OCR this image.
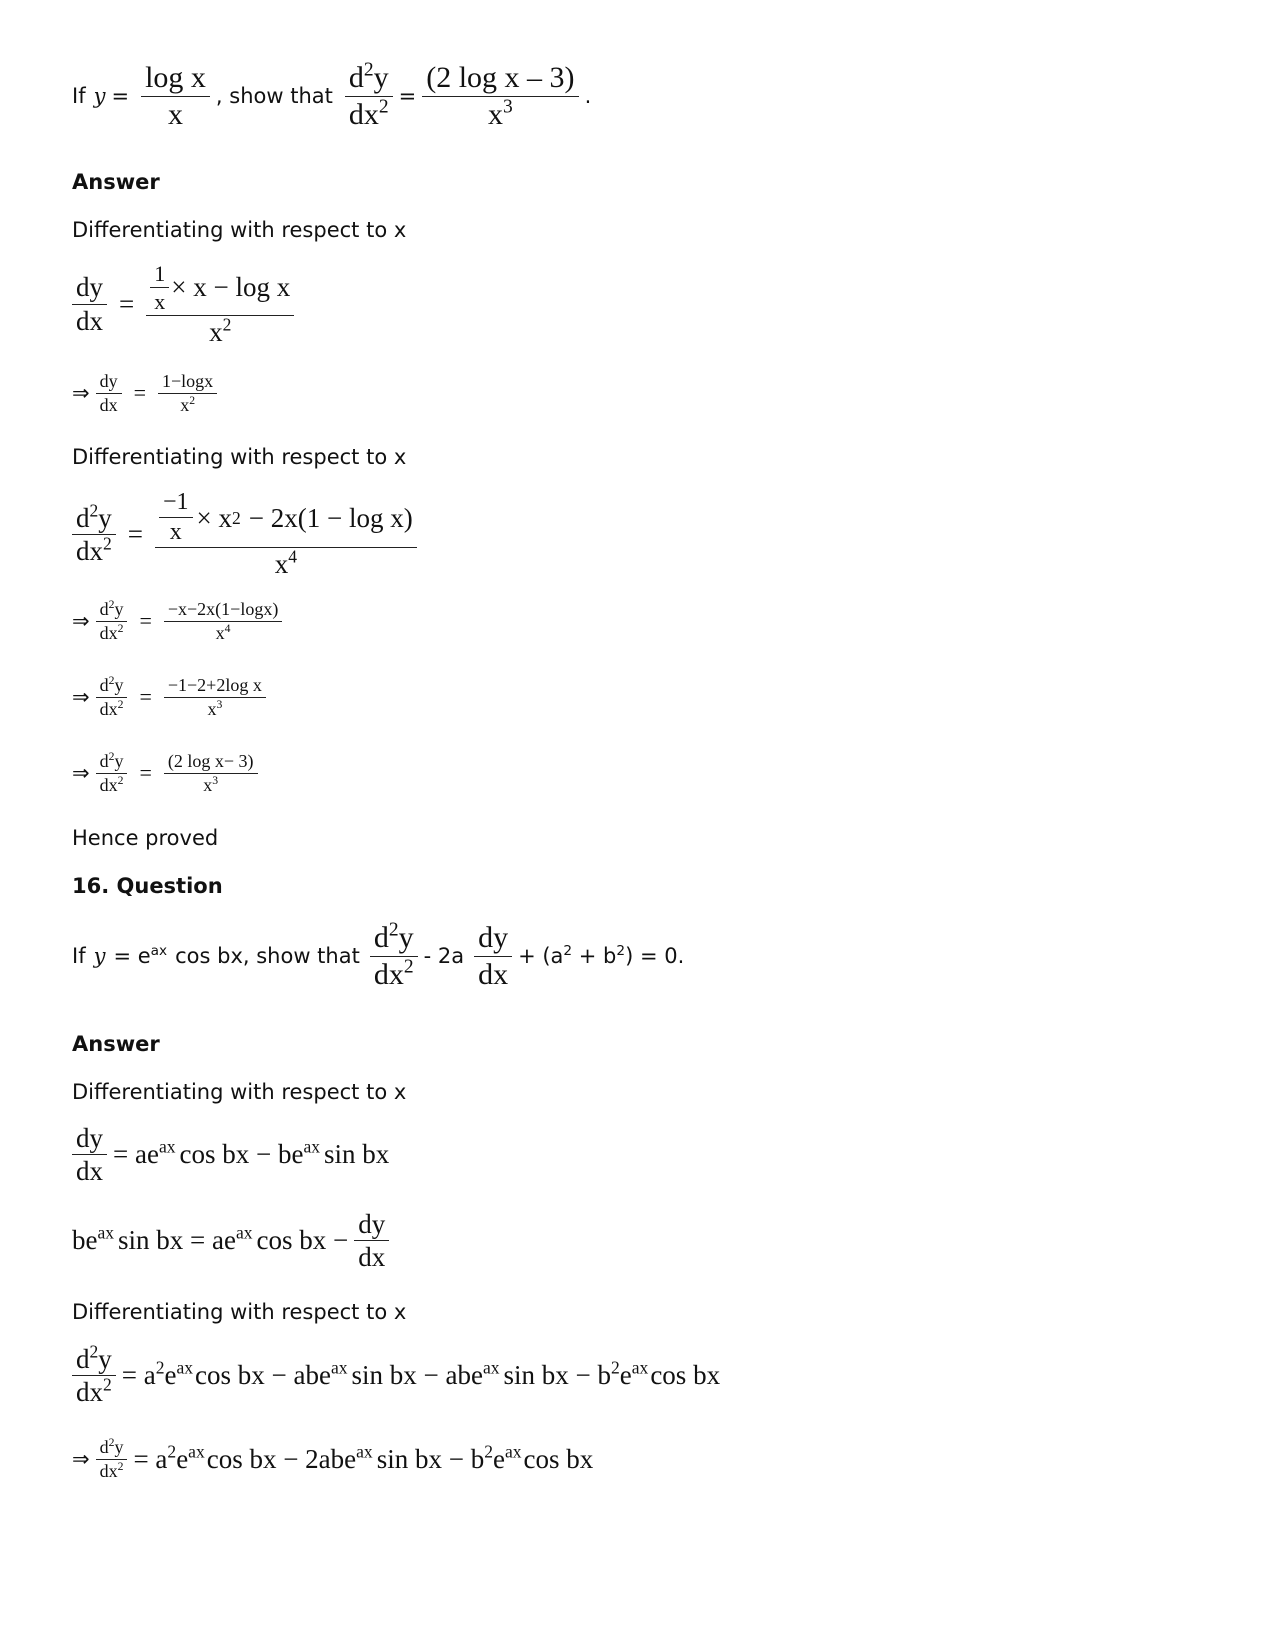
If $y = \frac{\text{log x}}{x}$ , show that $\frac{d^2y}{dx^2} = \frac{\text{(2 log x – 3)}}{x^3}$ .
Answer
Differentiating with respect to x
$\frac{dy}{dx} = \frac{\frac{1}{x} \times x - \log x}{x^2}$
⇒ $\frac{dy}{dx} = \frac{1-\log x}{x^2}$
Differentiating with respect to x
$\frac{d^2y}{dx^2} = \frac{-1}{x} \times x$ 2 − 2x(1 − log x)
$x^4$
⇒ $\frac{d^2y}{dx^2} = \frac{-x-2x(1-\log x)}{x^4}$
⇒ $\frac{d^2y}{dx^2} = \frac{\text{−1−2+2log x}}{x^3}$
⇒ $\frac{d^2y}{dx^2} = \frac{\text{(2 log x− 3)}}{x^3}$
Hence proved
16. Question
If $y = e^{ax}$ cos bx, show that $\frac{d^2y}{dx^2} - 2a \frac{dy}{dx} + (a^2 + b^2) = 0$.
Answer
Differentiating with respect to x
$\frac{dy}{dx} = ae^{ax}$ cos bx − $be^{ax}$ sin bx
$be^{ax}$ sin bx = $ae^{ax}$ cos bx − $\frac{dy}{dx}$
Differentiating with respect to x
$\frac{d^2y}{dx^2} = a^2e^{ax}$ cos bx − abe$^{ax}$ sin bx − abe$^{ax}$ sin bx − $b^2e^{ax}$ cos bx
⇒ $\frac{d^2y}{dx^2} = a^2e^{ax}$ cos bx − 2abe$^{ax}$ sin bx − $b^2e^{ax}$ cos bx
